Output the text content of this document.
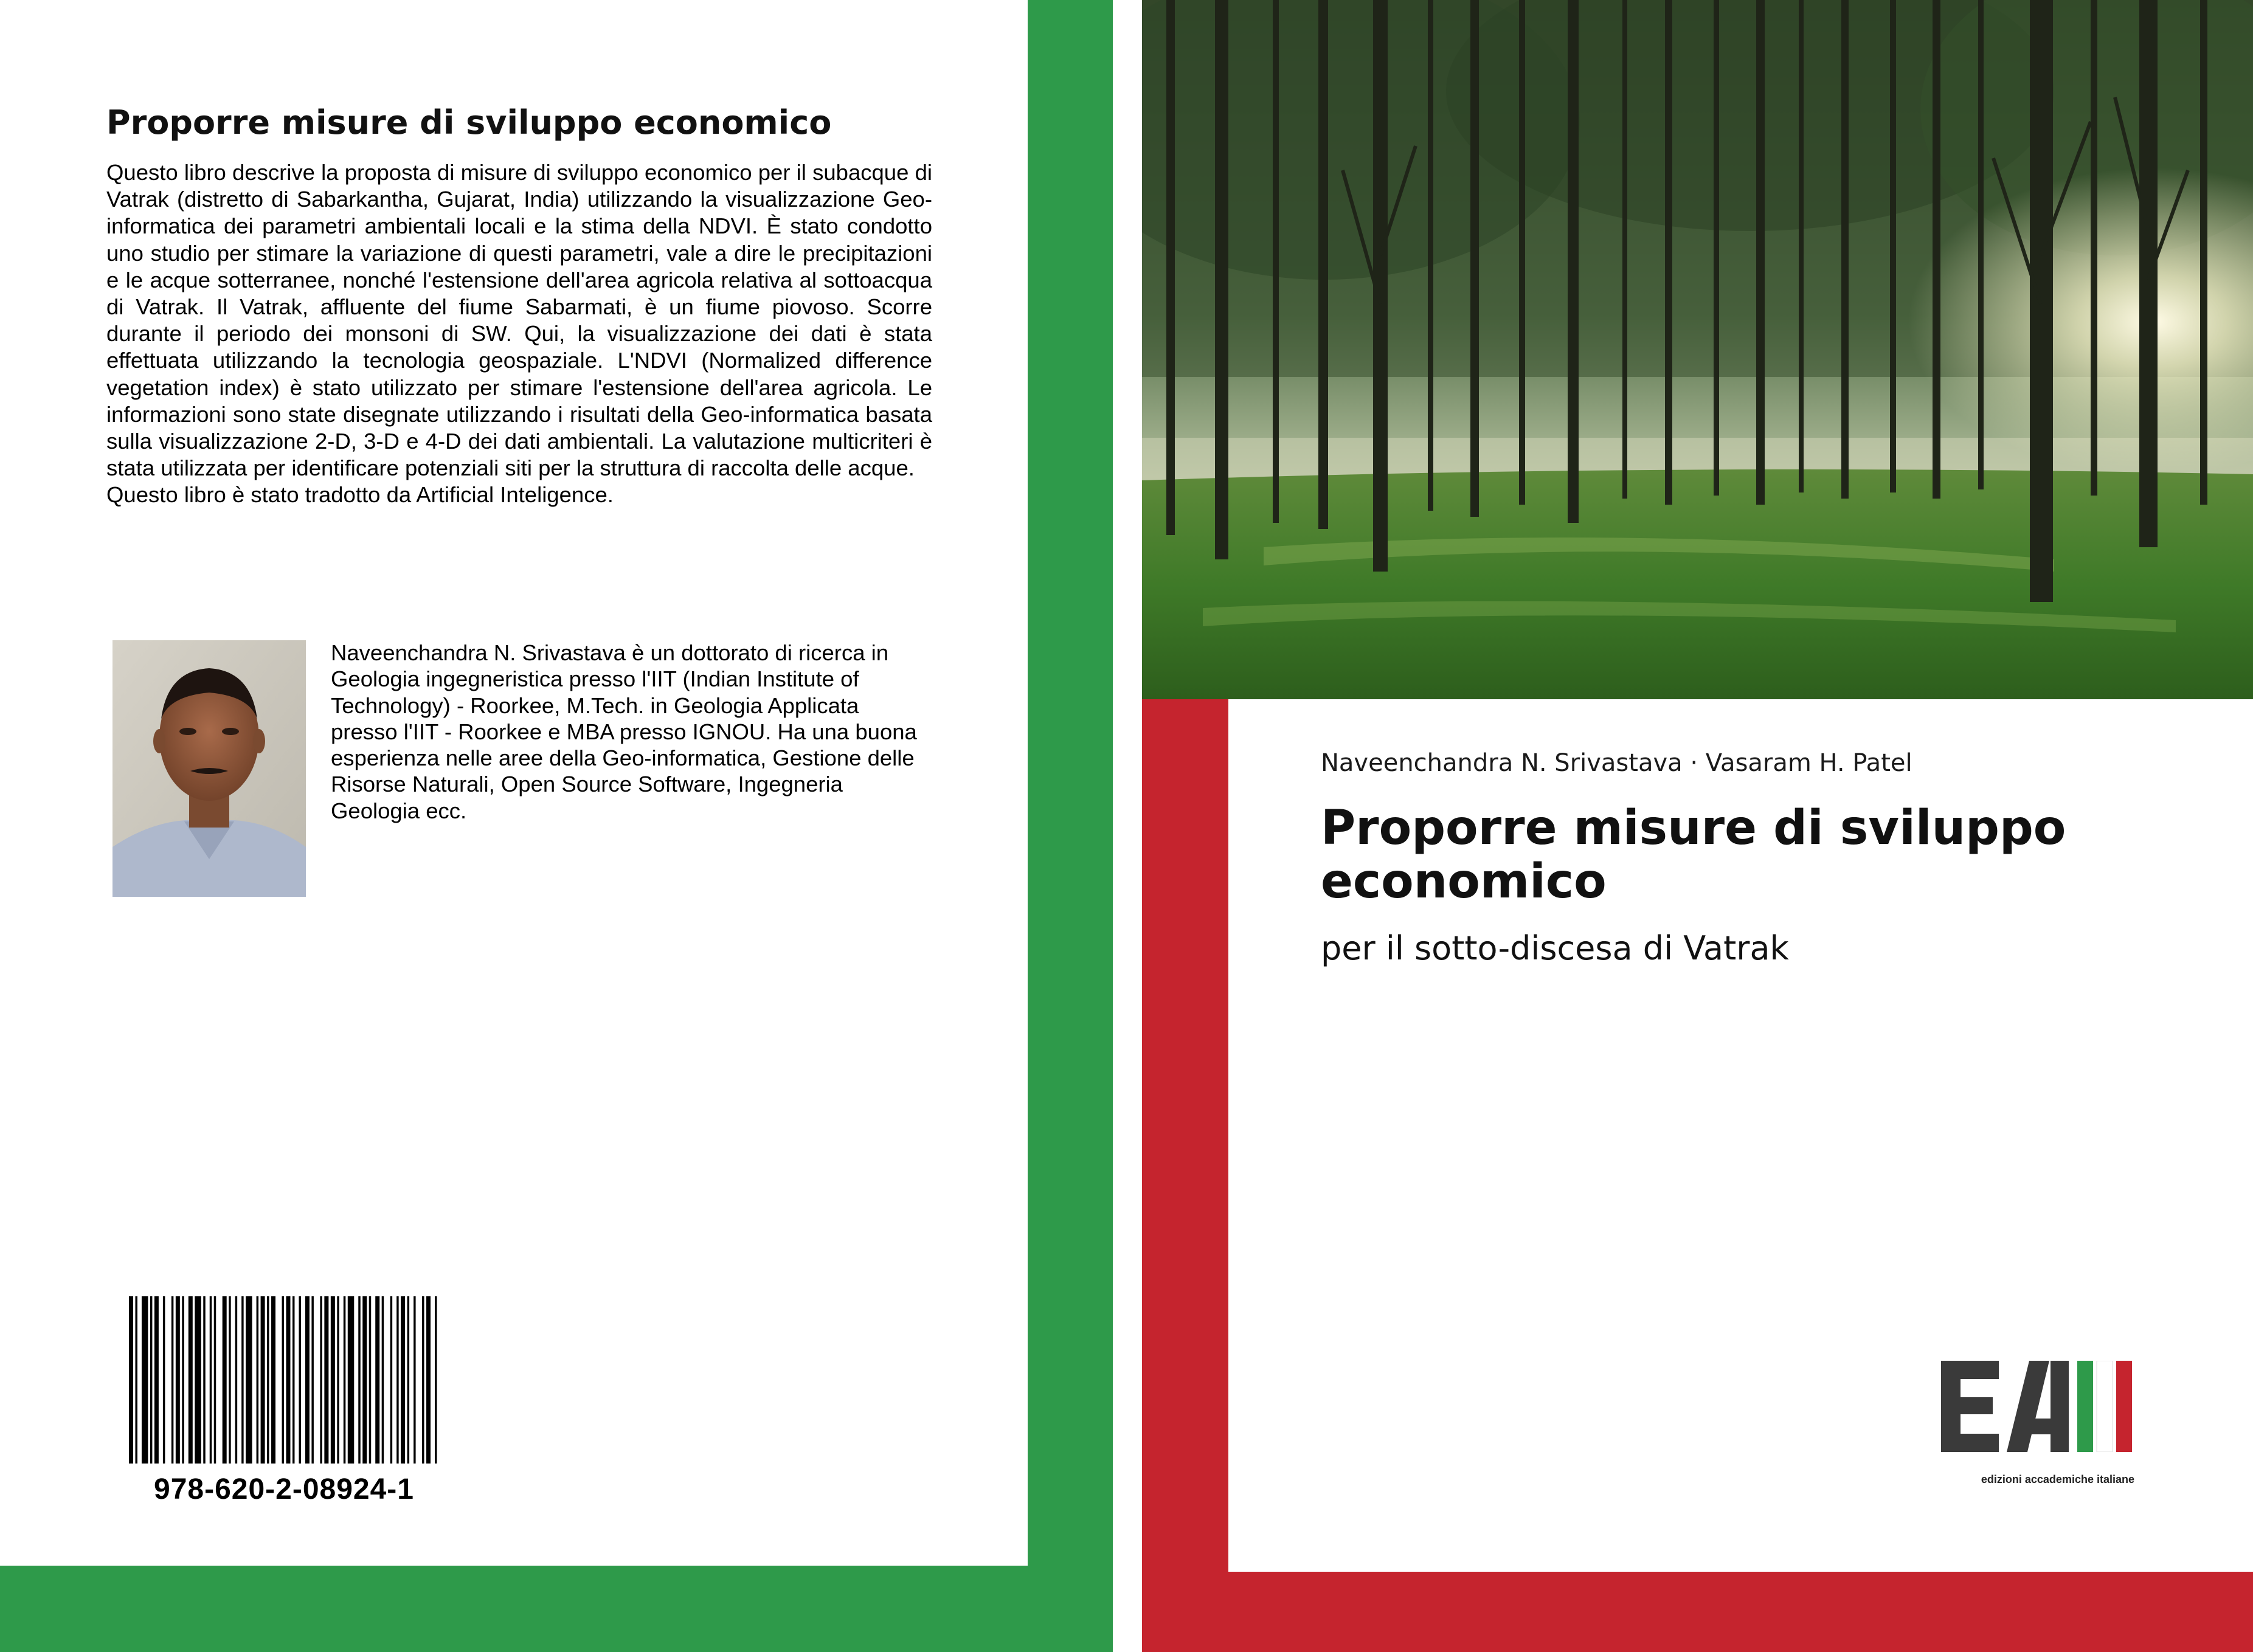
Proporre misure di sviluppo economico

Questo libro descrive la proposta di misure di sviluppo economico per il subacque di Vatrak (distretto di Sabarkantha, Gujarat, India) utilizzando la visualizzazione Geo-informatica dei parametri ambientali locali e la stima della NDVI. È stato condotto uno studio per stimare la variazione di questi parametri, vale a dire le precipitazioni e le acque sotterranee, nonché l'estensione dell'area agricola relativa al sottoacqua di Vatrak. Il Vatrak, affluente del fiume Sabarmati, è un fiume piovoso. Scorre durante il periodo dei monsoni di SW. Qui, la visualizzazione dei dati è stata effettuata utilizzando la tecnologia geospaziale. L'NDVI (Normalized difference vegetation index) è stato utilizzato per stimare l'estensione dell'area agricola. Le informazioni sono state disegnate utilizzando i risultati della Geo-informatica basata sulla visualizzazione 2-D, 3-D e 4-D dei dati ambientali. La valutazione multicriteri è stata utilizzata per identificare potenziali siti per la struttura di raccolta delle acque.

Questo libro è stato tradotto da Artificial Inteligence.

Naveenchandra N. Srivastava è un dottorato di ricerca in Geologia ingegneristica presso l'IIT (Indian Institute of Technology) - Roorkee, M.Tech. in Geologia Applicata presso l'IIT - Roorkee e MBA presso IGNOU. Ha una buona esperienza nelle aree della Geo-informatica, Gestione delle Risorse Naturali, Open Source Software, Ingegneria Geologia ecc.
978-620-2-08924-1
Naveenchandra N. Srivastava · Vasaram H. Patel
Proporre misure di sviluppo economico
per il sotto-discesa di Vatrak
edizioni accademiche italiane
